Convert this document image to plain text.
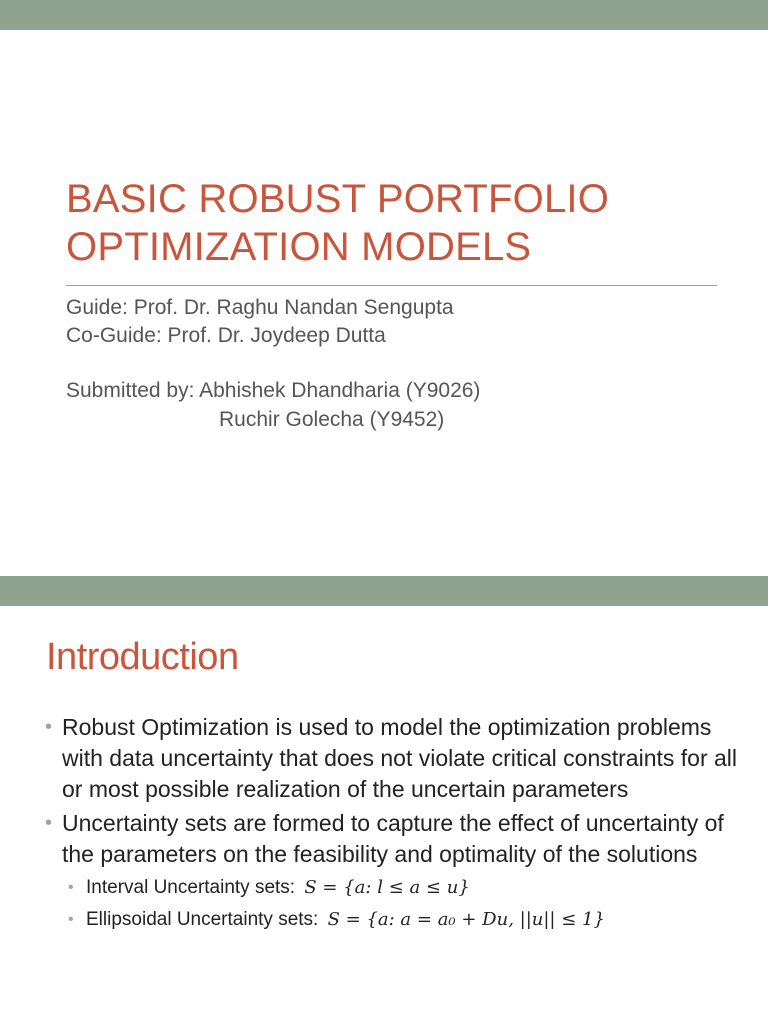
BASIC ROBUST PORTFOLIO
OPTIMIZATION MODELS
Guide: Prof. Dr. Raghu Nandan Sengupta
Co-Guide: Prof. Dr. Joydeep Dutta
Submitted by: Abhishek Dhandharia (Y9026)
Ruchir Golecha (Y9452)
Introduction
• Robust Optimization is used to model the optimization problems with data uncertainty that does not violate critical constraints for all or most possible realization of the uncertain parameters
• Uncertainty sets are formed to capture the effect of uncertainty of the parameters on the feasibility and optimality of the solutions
• Interval Uncertainty sets: S = {a: l ≤ a ≤ u}
• Ellipsoidal Uncertainty sets: S = {a: a = a₀ + Du, ||u|| ≤ 1}
